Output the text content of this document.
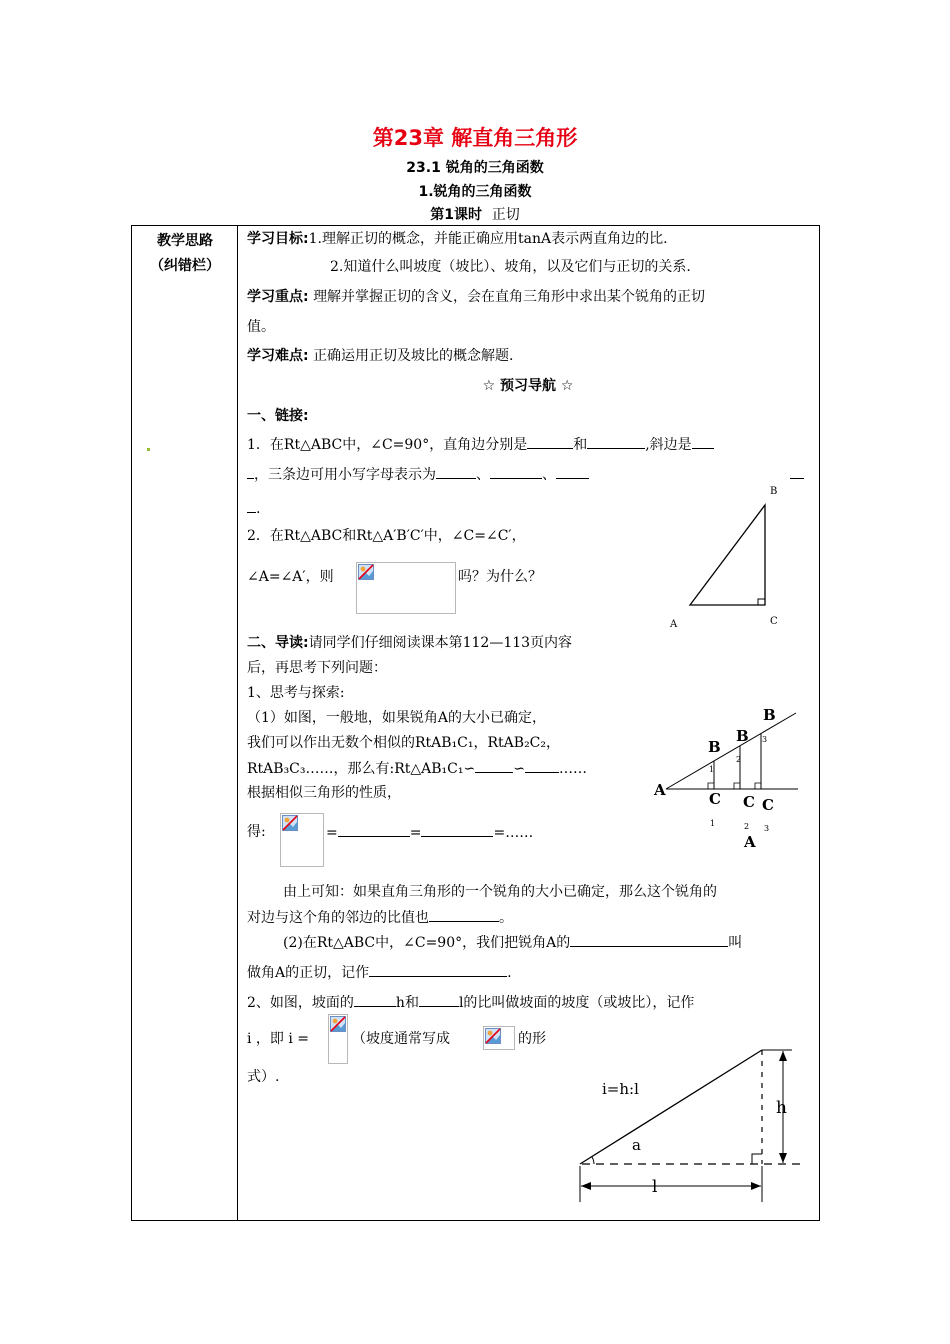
第23章 解直角三角形
23.1 锐角的三角函数
1.锐角的三角函数
第1课时 正切
教学思路
（纠错栏）
学习目标:1.理解正切的概念，并能正确应用tanA表示两直角边的比.
2.知道什么叫坡度（坡比）、坡角，以及它们与正切的关系.
学习重点: 理解并掌握正切的含义，会在直角三角形中求出某个锐角的正切
值。
学习难点: 正确运用正切及坡比的概念解题.
☆ 预习导航 ☆
一、链接:
1．在Rt△ABC中，∠C=90°，直角边分别是	和	,斜边是
，三条边可用小写字母表示为	、	、
.
2．在Rt△ABC和Rt△A′B′C′中，∠C=∠C′，
∠A=∠A′，则	吗？为什么？
B
A	C
二、导读:请同学们仔细阅读课本第112—113页内容
后，再思考下列问题：
1、思考与探索:
（1）如图，一般地，如果锐角A的大小已确定，
我们可以作出无数个相似的RtAB₁C₁，RtAB₂C₂，
RtAB₃C₃……，那么有:Rt△AB₁C₁∽	∽ ……
根据相似三角形的性质，
得:	=	=	=……
B
B
B	3
2
1
A	C C C
1	2 3
A
由上可知：如果直角三角形的一个锐角的大小已确定，那么这个锐角的
对边与这个角的邻边的比值也	。
(2)在Rt△ABC中，∠C=90°，我们把锐角A的	叫
做角A的正切，记作	.
2、如图，坡面的	h和	l的比叫做坡面的坡度（或坡比），记作
i ，即 i =	（坡度通常写成	的形
式）.
i=h:l
h
a
l
